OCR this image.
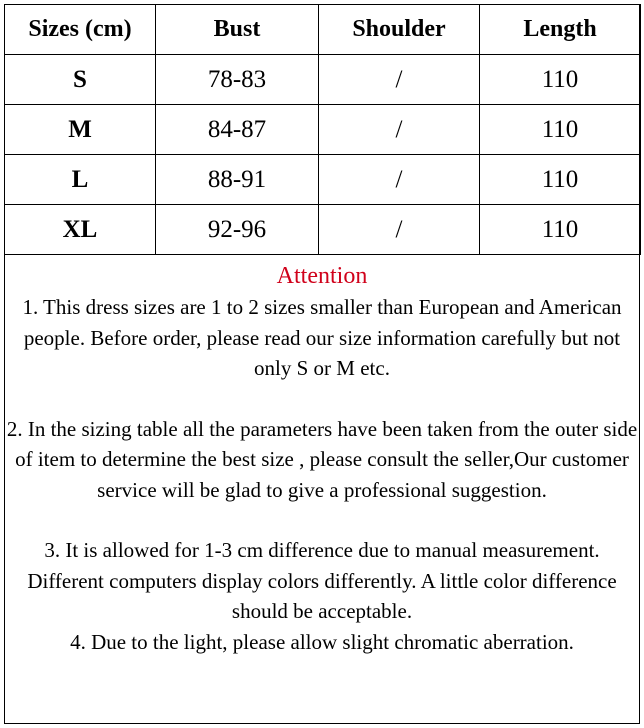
Sizes (cm)	Bust	Shoulder	Length
S	78-83	/	110
M	84-87	/	110
L	88-91	/	110
XL	92-96	/	110
Attention

1. This dress sizes are 1 to 2 sizes smaller than European and American people. Before order, please read our size information carefully but not only S or M etc.

2. In the sizing table all the parameters have been taken from the outer side of item to determine the best size , please consult the seller,Our customer service will be glad to give a professional suggestion.

3. It is allowed for 1-3 cm difference due to manual measurement. Different computers display colors differently. A little color difference should be acceptable.

4. Due to the light, please allow slight chromatic aberration.
